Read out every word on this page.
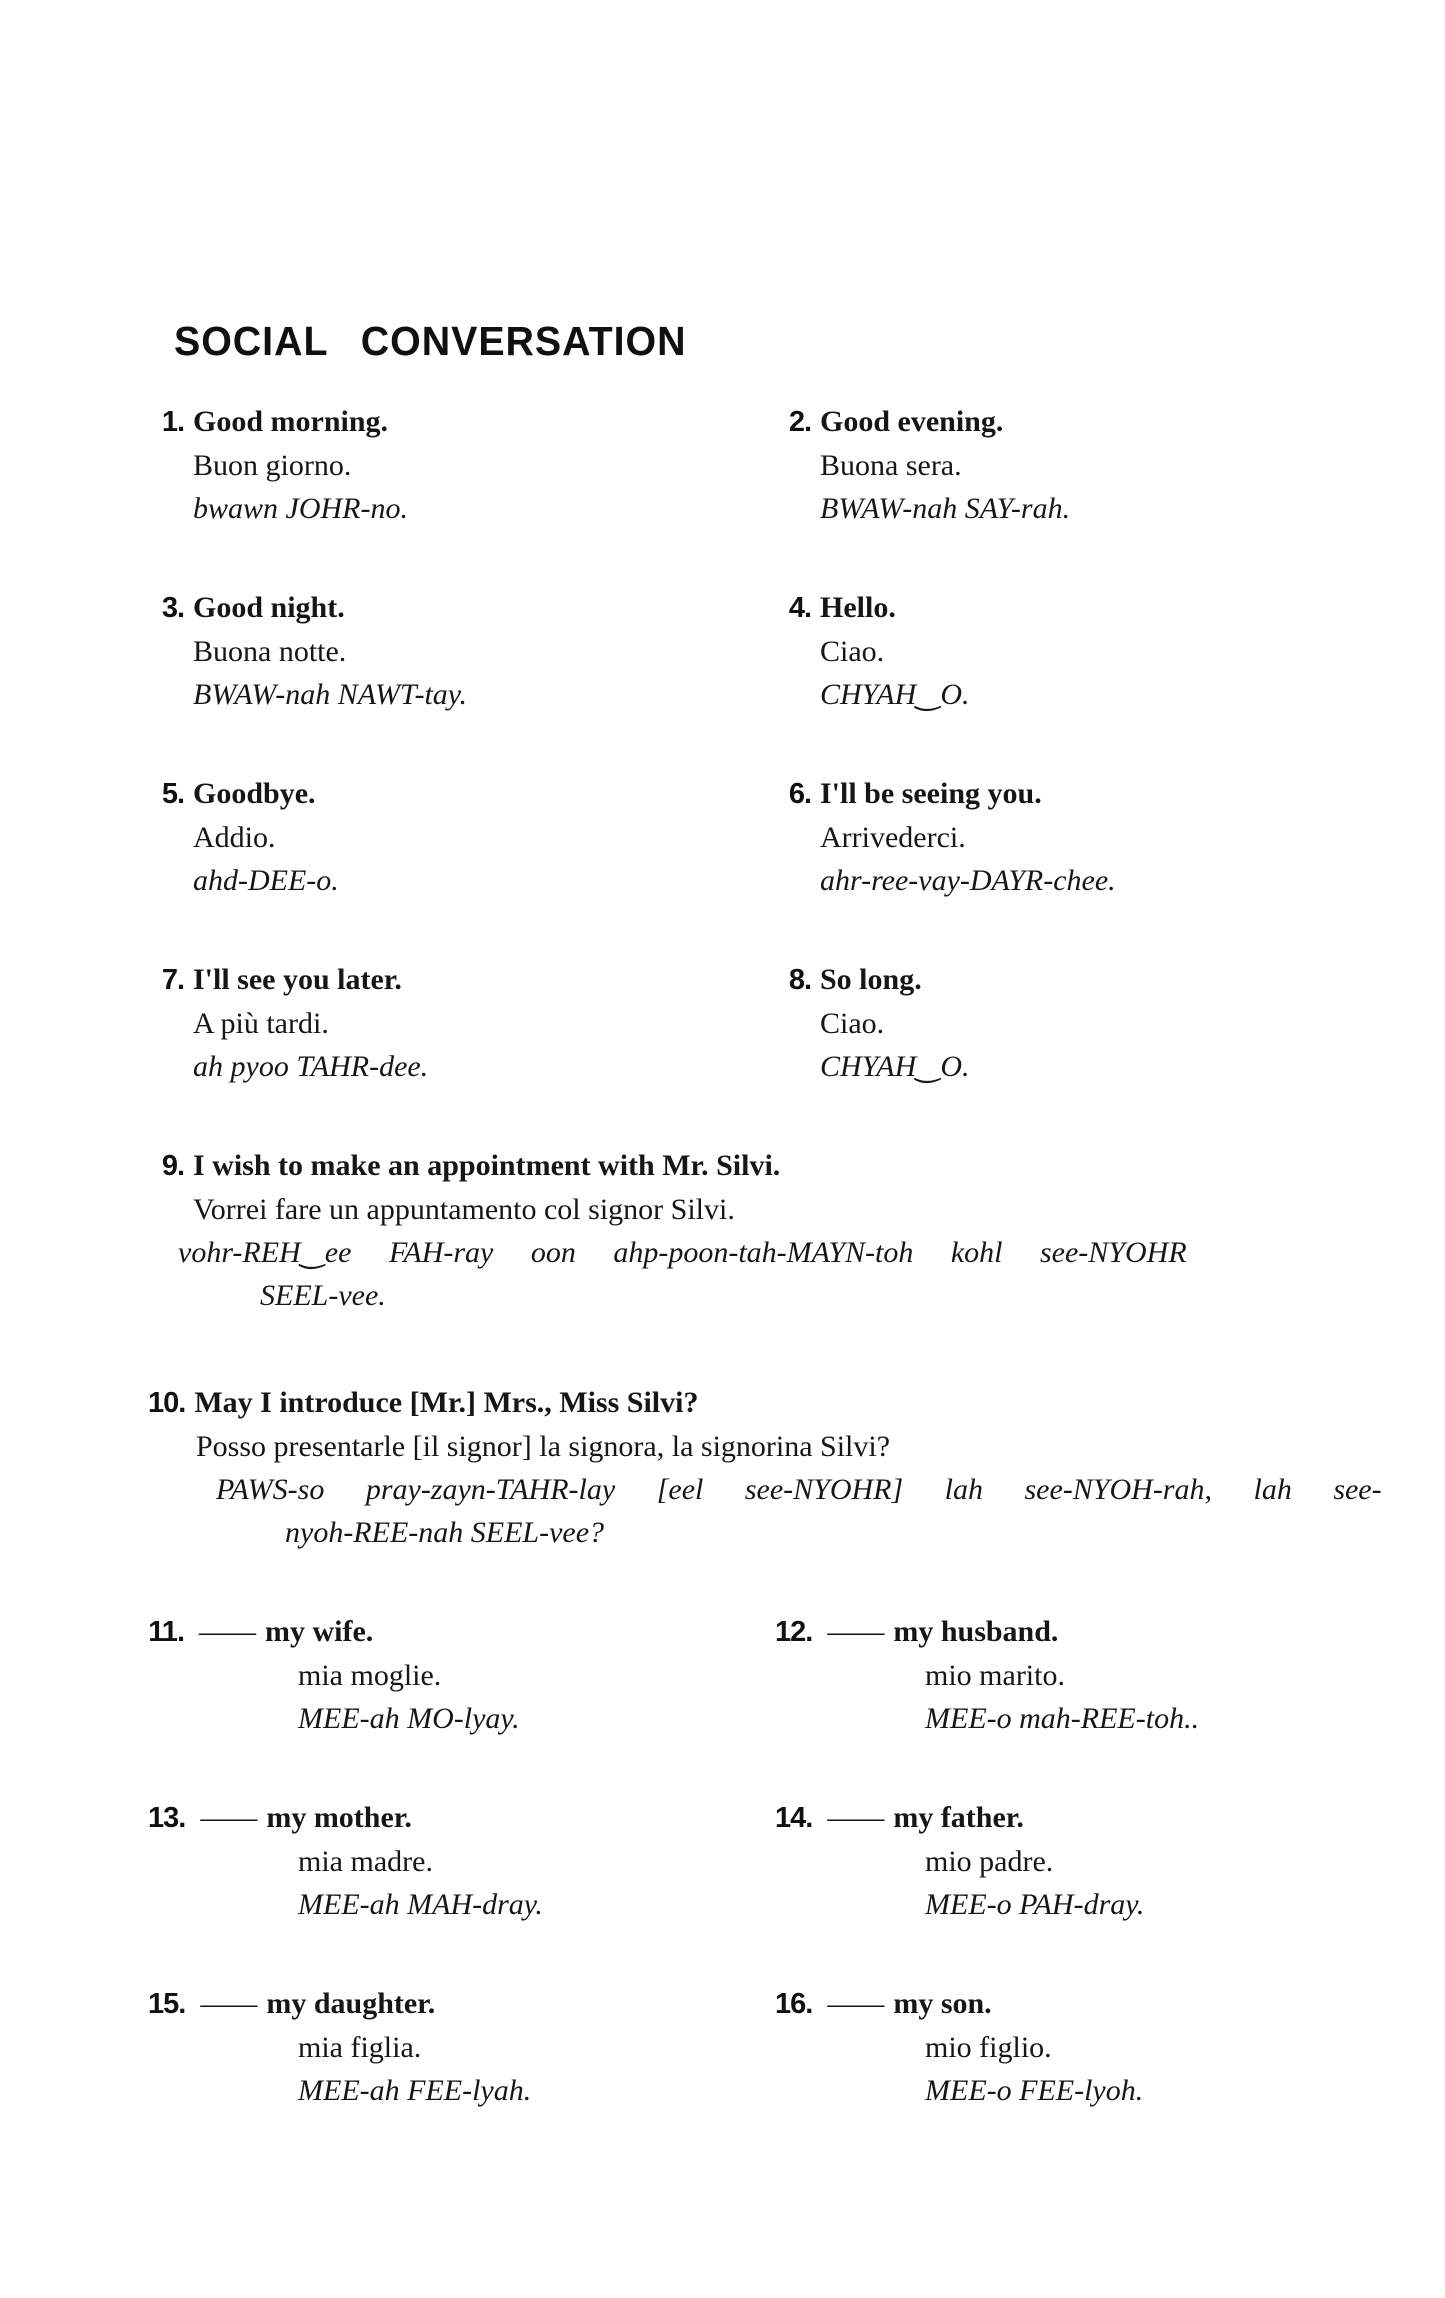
SOCIAL CONVERSATION
1. Good morning.
Buon giorno.
bwawn JOHR-no.
2. Good evening.
Buona sera.
BWAW-nah SAY-rah.
3. Good night.
Buona notte.
BWAW-nah NAWT-tay.
4. Hello.
Ciao.
CHYAH‿O.
5. Goodbye.
Addio.
ahd-DEE-o.
6. I'll be seeing you.
Arrivederci.
ahr-ree-vay-DAYR-chee.
7. I'll see you later.
A più tardi.
ah pyoo TAHR-dee.
8. So long.
Ciao.
CHYAH‿O.
9. I wish to make an appointment with Mr. Silvi.
Vorrei fare un appuntamento col signor Silvi.
vohr-REH‿ee FAH-ray oon ahp-poon-tah-MAYN-toh kohl see-NYOHR
SEEL-vee.
10. May I introduce [Mr.] Mrs., Miss Silvi?
Posso presentarle [il signor] la signora, la signorina Silvi?
PAWS-so pray-zayn-TAHR-lay [eel see-NYOHR] lah see-NYOH-rah, lah see-
nyoh-REE-nah SEEL-vee?
11. —— my wife.
mia moglie.
MEE-ah MO-lyay.
12. —— my husband.
mio marito.
MEE-o mah-REE-toh..
13. —— my mother.
mia madre.
MEE-ah MAH-dray.
14. —— my father.
mio padre.
MEE-o PAH-dray.
15. —— my daughter.
mia figlia.
MEE-ah FEE-lyah.
16. —— my son.
mio figlio.
MEE-o FEE-lyoh.
